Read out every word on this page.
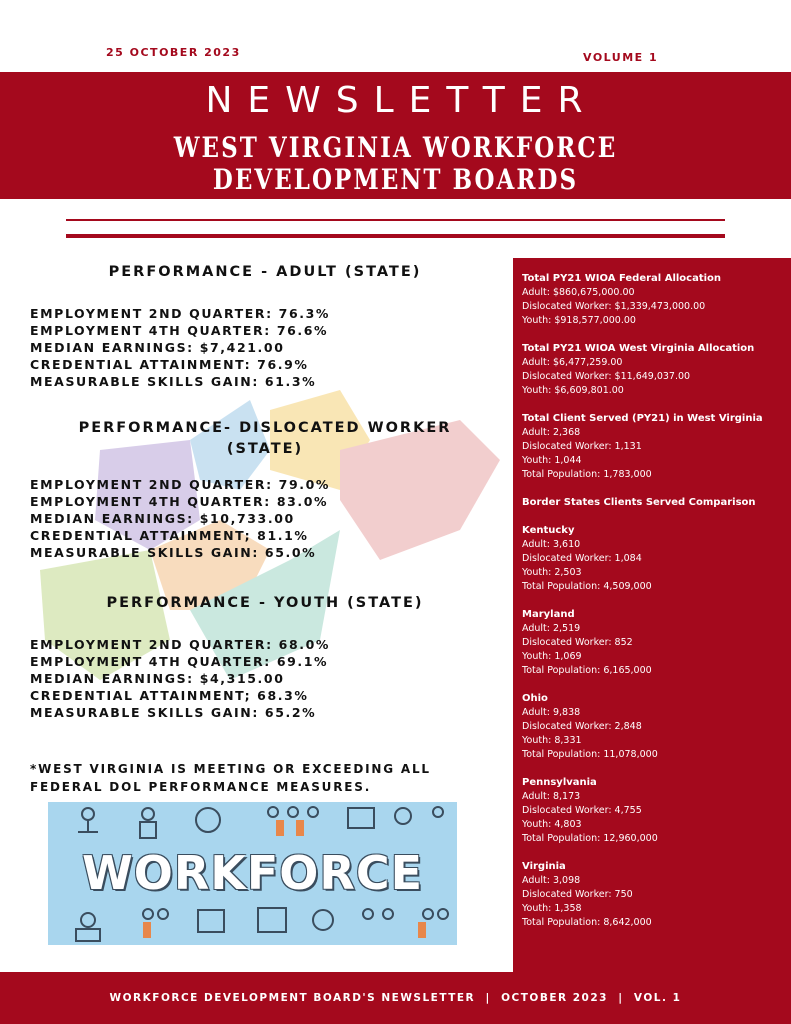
25 OCTOBER 2023	VOLUME 1
NEWSLETTER
WEST VIRGINIA WORKFORCE
DEVELOPMENT BOARDS
PERFORMANCE - ADULT (STATE)
EMPLOYMENT 2ND QUARTER: 76.3%
EMPLOYMENT 4TH QUARTER: 76.6%
MEDIAN EARNINGS: $7,421.00
CREDENTIAL ATTAINMENT: 76.9%
MEASURABLE SKILLS GAIN: 61.3%
PERFORMANCE- DISLOCATED WORKER (STATE)
EMPLOYMENT 2ND QUARTER: 79.0%
EMPLOYMENT 4TH QUARTER: 83.0%
MEDIAN EARNINGS: $10,733.00
CREDENTIAL ATTAINMENT; 81.1%
MEASURABLE SKILLS GAIN: 65.0%
PERFORMANCE - YOUTH (STATE)
EMPLOYMENT 2ND QUARTER: 68.0%
EMPLOYMENT 4TH QUARTER: 69.1%
MEDIAN EARNINGS: $4,315.00
CREDENTIAL ATTAINMENT; 68.3%
MEASURABLE SKILLS GAIN: 65.2%
*WEST VIRGINIA IS MEETING OR EXCEEDING ALL FEDERAL DOL PERFORMANCE MEASURES.
WORKFORCE
Total PY21 WIOA Federal Allocation
Adult: $860,675,000.00
Dislocated Worker: $1,339,473,000.00
Youth: $918,577,000.00
Total PY21 WIOA West Virginia Allocation
Adult: $6,477,259.00
Dislocated Worker: $11,649,037.00
Youth: $6,609,801.00
Total Client Served (PY21) in West Virginia
Adult: 2,368
Dislocated Worker: 1,131
Youth: 1,044
Total Population: 1,783,000
Border States Clients Served Comparison
Kentucky
Adult: 3,610
Dislocated Worker: 1,084
Youth: 2,503
Total Population: 4,509,000
Maryland
Adult: 2,519
Dislocated Worker: 852
Youth: 1,069
Total Population: 6,165,000
Ohio
Adult: 9,838
Dislocated Worker: 2,848
Youth: 8,331
Total Population: 11,078,000
Pennsylvania
Adult: 8,173
Dislocated Worker: 4,755
Youth: 4,803
Total Population: 12,960,000
Virginia
Adult: 3,098
Dislocated Worker: 750
Youth: 1,358
Total Population: 8,642,000
WORKFORCE DEVELOPMENT BOARD'S NEWSLETTER  |  OCTOBER 2023  |  VOL. 1
